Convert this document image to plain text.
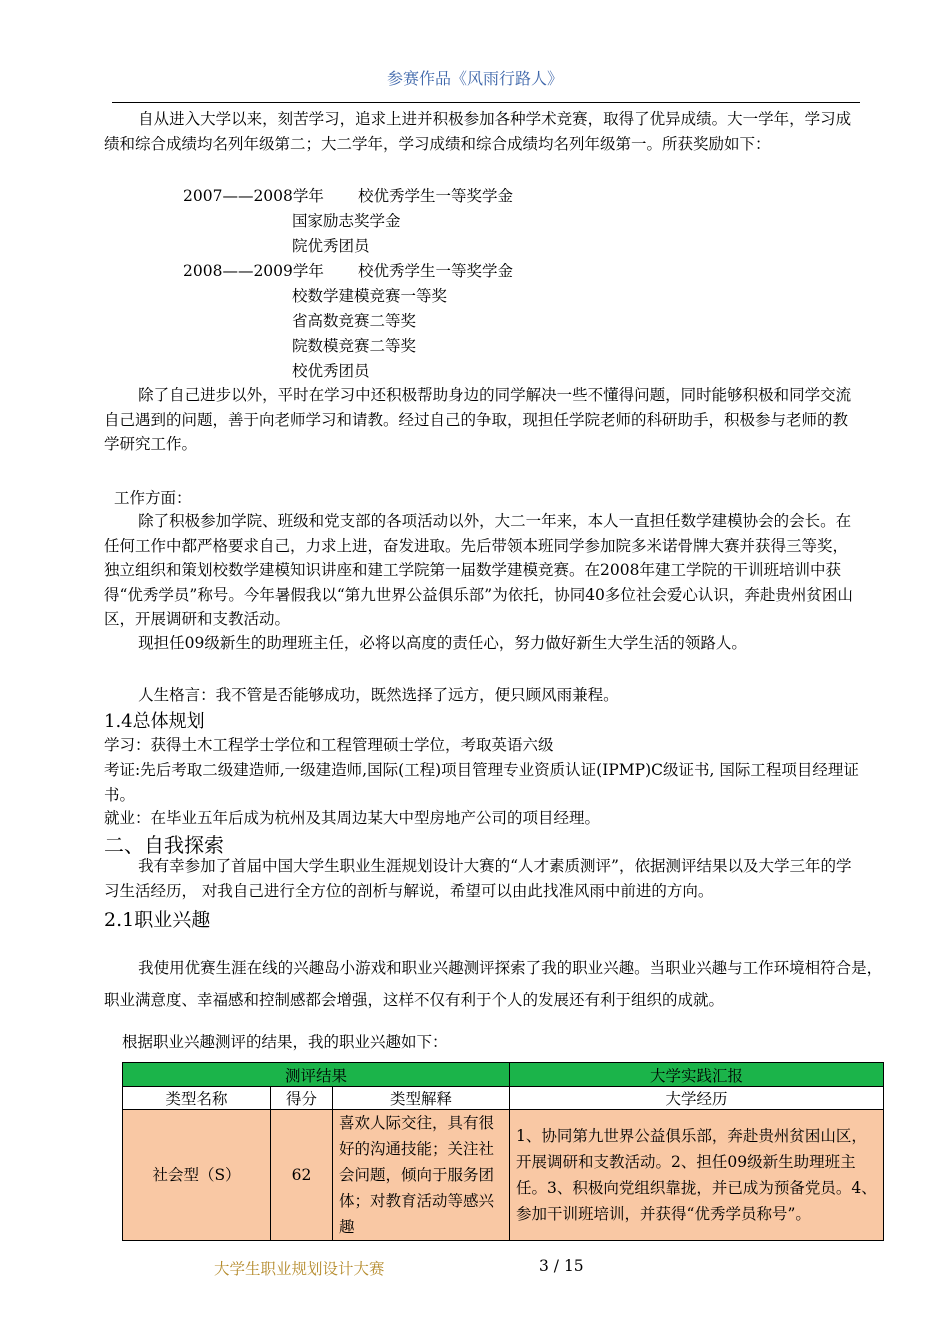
参赛作品《风雨行路人》
自从进入大学以来，刻苦学习，追求上进并积极参加各种学术竞赛，取得了优异成绩。大一学年，学习成绩和综合成绩均名列年级第二；大二学年，学习成绩和综合成绩均名列年级第一。所获奖励如下：
2007——2008学年 校优秀学生一等奖学金
国家励志奖学金
院优秀团员
2008——2009学年 校优秀学生一等奖学金
校数学建模竞赛一等奖
省高数竞赛二等奖
院数模竞赛二等奖
校优秀团员
除了自己进步以外，平时在学习中还积极帮助身边的同学解决一些不懂得问题，同时能够积极和同学交流自己遇到的问题，善于向老师学习和请教。经过自己的争取，现担任学院老师的科研助手，积极参与老师的教学研究工作。
工作方面：
除了积极参加学院、班级和党支部的各项活动以外，大二一年来，本人一直担任数学建模协会的会长。在任何工作中都严格要求自己，力求上进，奋发进取。先后带领本班同学参加院多米诺骨牌大赛并获得三等奖，独立组织和策划校数学建模知识讲座和建工学院第一届数学建模竞赛。在2008年建工学院的干训班培训中获得“优秀学员”称号。今年暑假我以“第九世界公益俱乐部”为依托，协同40多位社会爱心认识，奔赴贵州贫困山区，开展调研和支教活动。
现担任09级新生的助理班主任，必将以高度的责任心，努力做好新生大学生活的领路人。
人生格言：我不管是否能够成功，既然选择了远方，便只顾风雨兼程。
1.4总体规划
学习：获得土木工程学士学位和工程管理硕士学位，考取英语六级
考证:先后考取二级建造师,一级建造师,国际(工程)项目管理专业资质认证(IPMP)C级证书, 国际工程项目经理证书。
就业：在毕业五年后成为杭州及其周边某大中型房地产公司的项目经理。
二、自我探索
我有幸参加了首届中国大学生职业生涯规划设计大赛的“人才素质测评”，依据测评结果以及大学三年的学习生活经历， 对我自己进行全方位的剖析与解说，希望可以由此找准风雨中前进的方向。
2.1职业兴趣
我使用优赛生涯在线的兴趣岛小游戏和职业兴趣测评探索了我的职业兴趣。当职业兴趣与工作环境相符合是，职业满意度、幸福感和控制感都会增强，这样不仅有利于个人的发展还有利于组织的成就。
根据职业兴趣测评的结果，我的职业兴趣如下：
测评结果			大学实践汇报
类型名称	得分	类型解释	大学经历
社会型（S）	62	喜欢人际交往，具有很好的沟通技能；关注社会问题，倾向于服务团体；对教育活动等感兴趣	1、协同第九世界公益俱乐部，奔赴贵州贫困山区，开展调研和支教活动。2、担任09级新生助理班主任。3、积极向党组织靠拢，并已成为预备党员。4、参加干训班培训，并获得“优秀学员称号”。
大学生职业规划设计大赛	3 / 15
